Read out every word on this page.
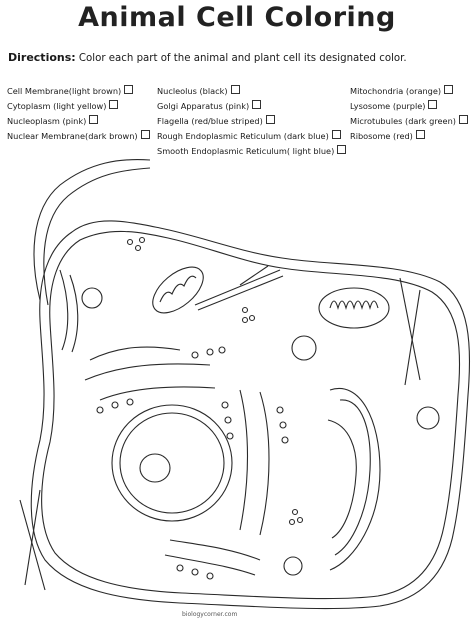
Animal Cell Coloring
Directions: Color each part of the animal and plant cell its designated color.
Cell Membrane(light brown)
Cytoplasm (light yellow)
Nucleoplasm (pink)
Nuclear Membrane(dark brown)
Nucleolus (black)
Golgi Apparatus (pink)
Flagella (red/blue striped)
Rough Endoplasmic Reticulum (dark blue)
Smooth Endoplasmic Reticulum( light blue)
Mitochondria (orange)
Lysosome (purple)
Microtubules (dark green)
Ribosome (red)
biologycorner.com
